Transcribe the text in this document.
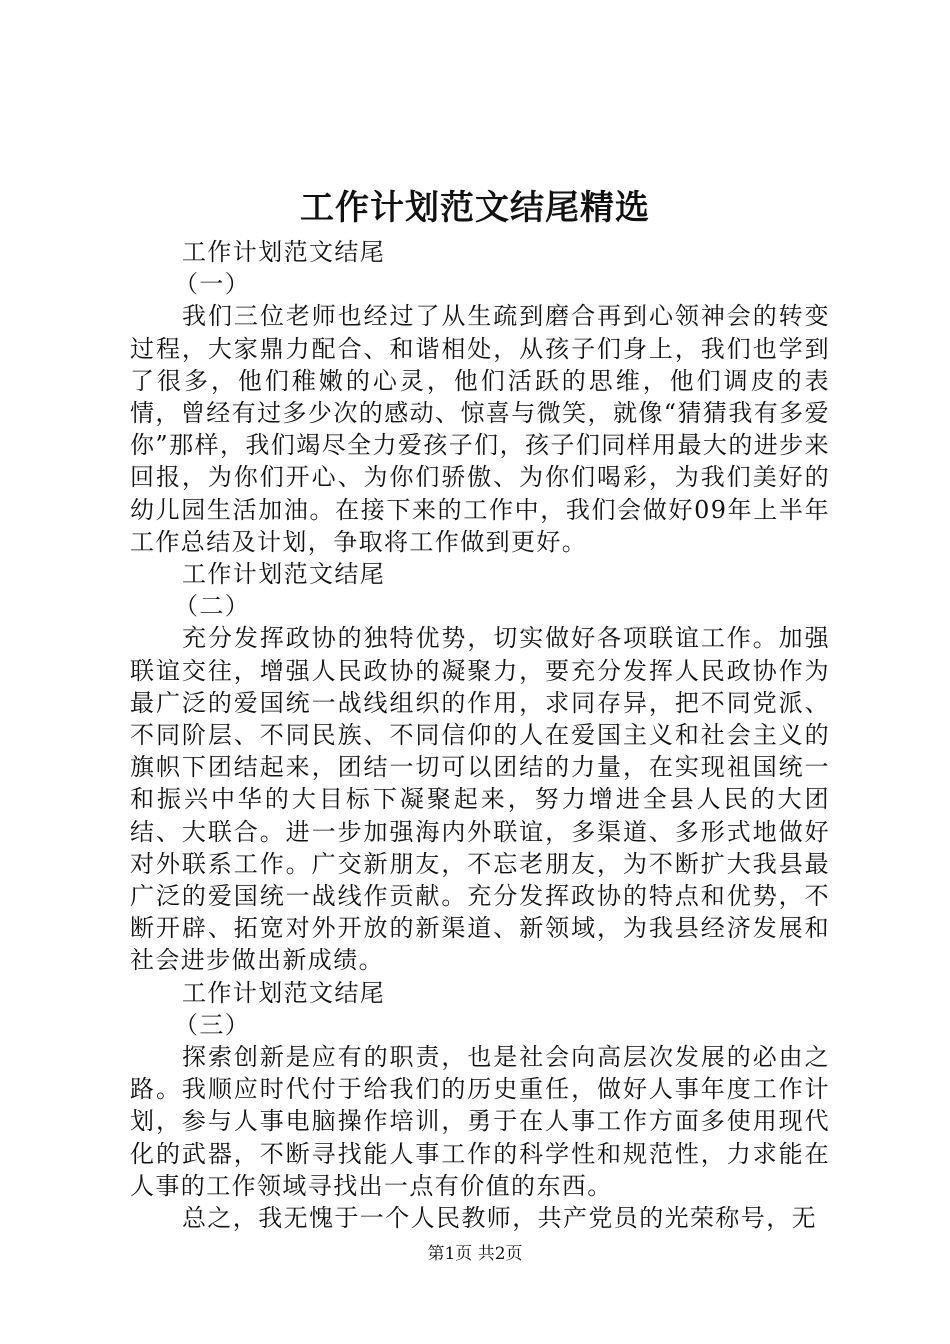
工作计划范文结尾精选

工作计划范文结尾

（一）

我们三位老师也经过了从生疏到磨合再到心领神会的转变过程，大家鼎力配合、和谐相处，从孩子们身上，我们也学到了很多，他们稚嫩的心灵，他们活跃的思维，他们调皮的表情，曾经有过多少次的感动、惊喜与微笑，就像“猜猜我有多爱你”那样，我们竭尽全力爱孩子们，孩子们同样用最大的进步来回报，为你们开心、为你们骄傲、为你们喝彩，为我们美好的幼儿园生活加油。在接下来的工作中，我们会做好09年上半年工作总结及计划，争取将工作做到更好。

工作计划范文结尾

（二）

充分发挥政协的独特优势，切实做好各项联谊工作。加强联谊交往，增强人民政协的凝聚力，要充分发挥人民政协作为最广泛的爱国统一战线组织的作用，求同存异，把不同党派、不同阶层、不同民族、不同信仰的人在爱国主义和社会主义的旗帜下团结起来，团结一切可以团结的力量，在实现祖国统一和振兴中华的大目标下凝聚起来，努力增进全县人民的大团结、大联合。进一步加强海内外联谊，多渠道、多形式地做好对外联系工作。广交新朋友，不忘老朋友，为不断扩大我县最广泛的爱国统一战线作贡献。充分发挥政协的特点和优势，不断开辟、拓宽对外开放的新渠道、新领域，为我县经济发展和社会进步做出新成绩。

工作计划范文结尾

（三）

探索创新是应有的职责，也是社会向高层次发展的必由之路。我顺应时代付于给我们的历史重任，做好人事年度工作计划，参与人事电脑操作培训，勇于在人事工作方面多使用现代化的武器，不断寻找能人事工作的科学性和规范性，力求能在人事的工作领域寻找出一点有价值的东西。

总之，我无愧于一个人民教师，共产党员的光荣称号，无

第1页 共2页
